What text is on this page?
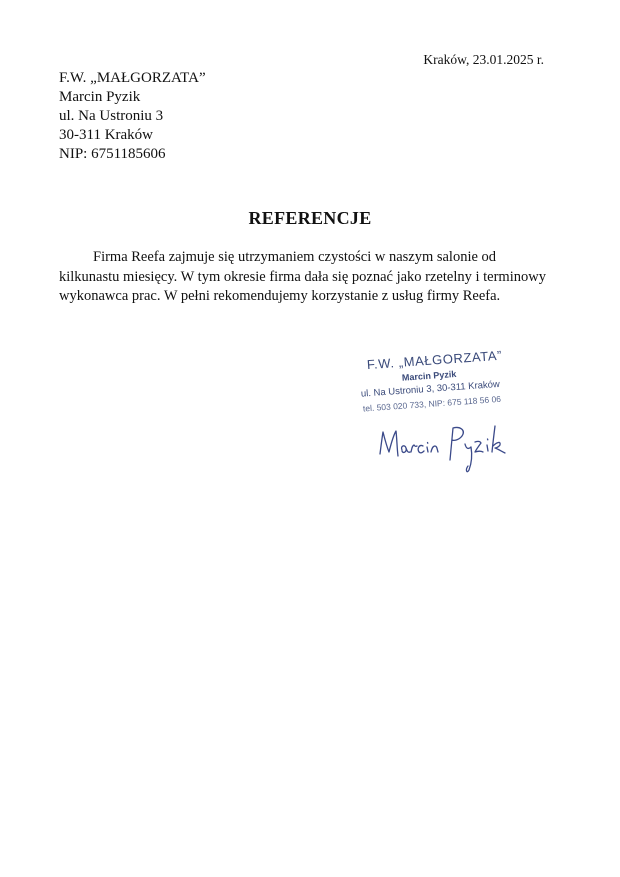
Kraków, 23.01.2025 r.
F.W. „MAŁGORZATA”
Marcin Pyzik
ul. Na Ustroniu 3
30-311 Kraków
NIP: 6751185606
REFERENCJE
Firma Reefa zajmuje się utrzymaniem czystości w naszym salonie od
kilkunastu miesięcy. W tym okresie firma dała się poznać jako rzetelny i terminowy
wykonawca prac. W pełni rekomendujemy korzystanie z usług firmy Reefa.
F.W. „MAŁGORZATA”
Marcin Pyzik
ul. Na Ustroniu 3, 30-311 Kraków
tel. 503 020 733, NIP: 675 118 56 06
